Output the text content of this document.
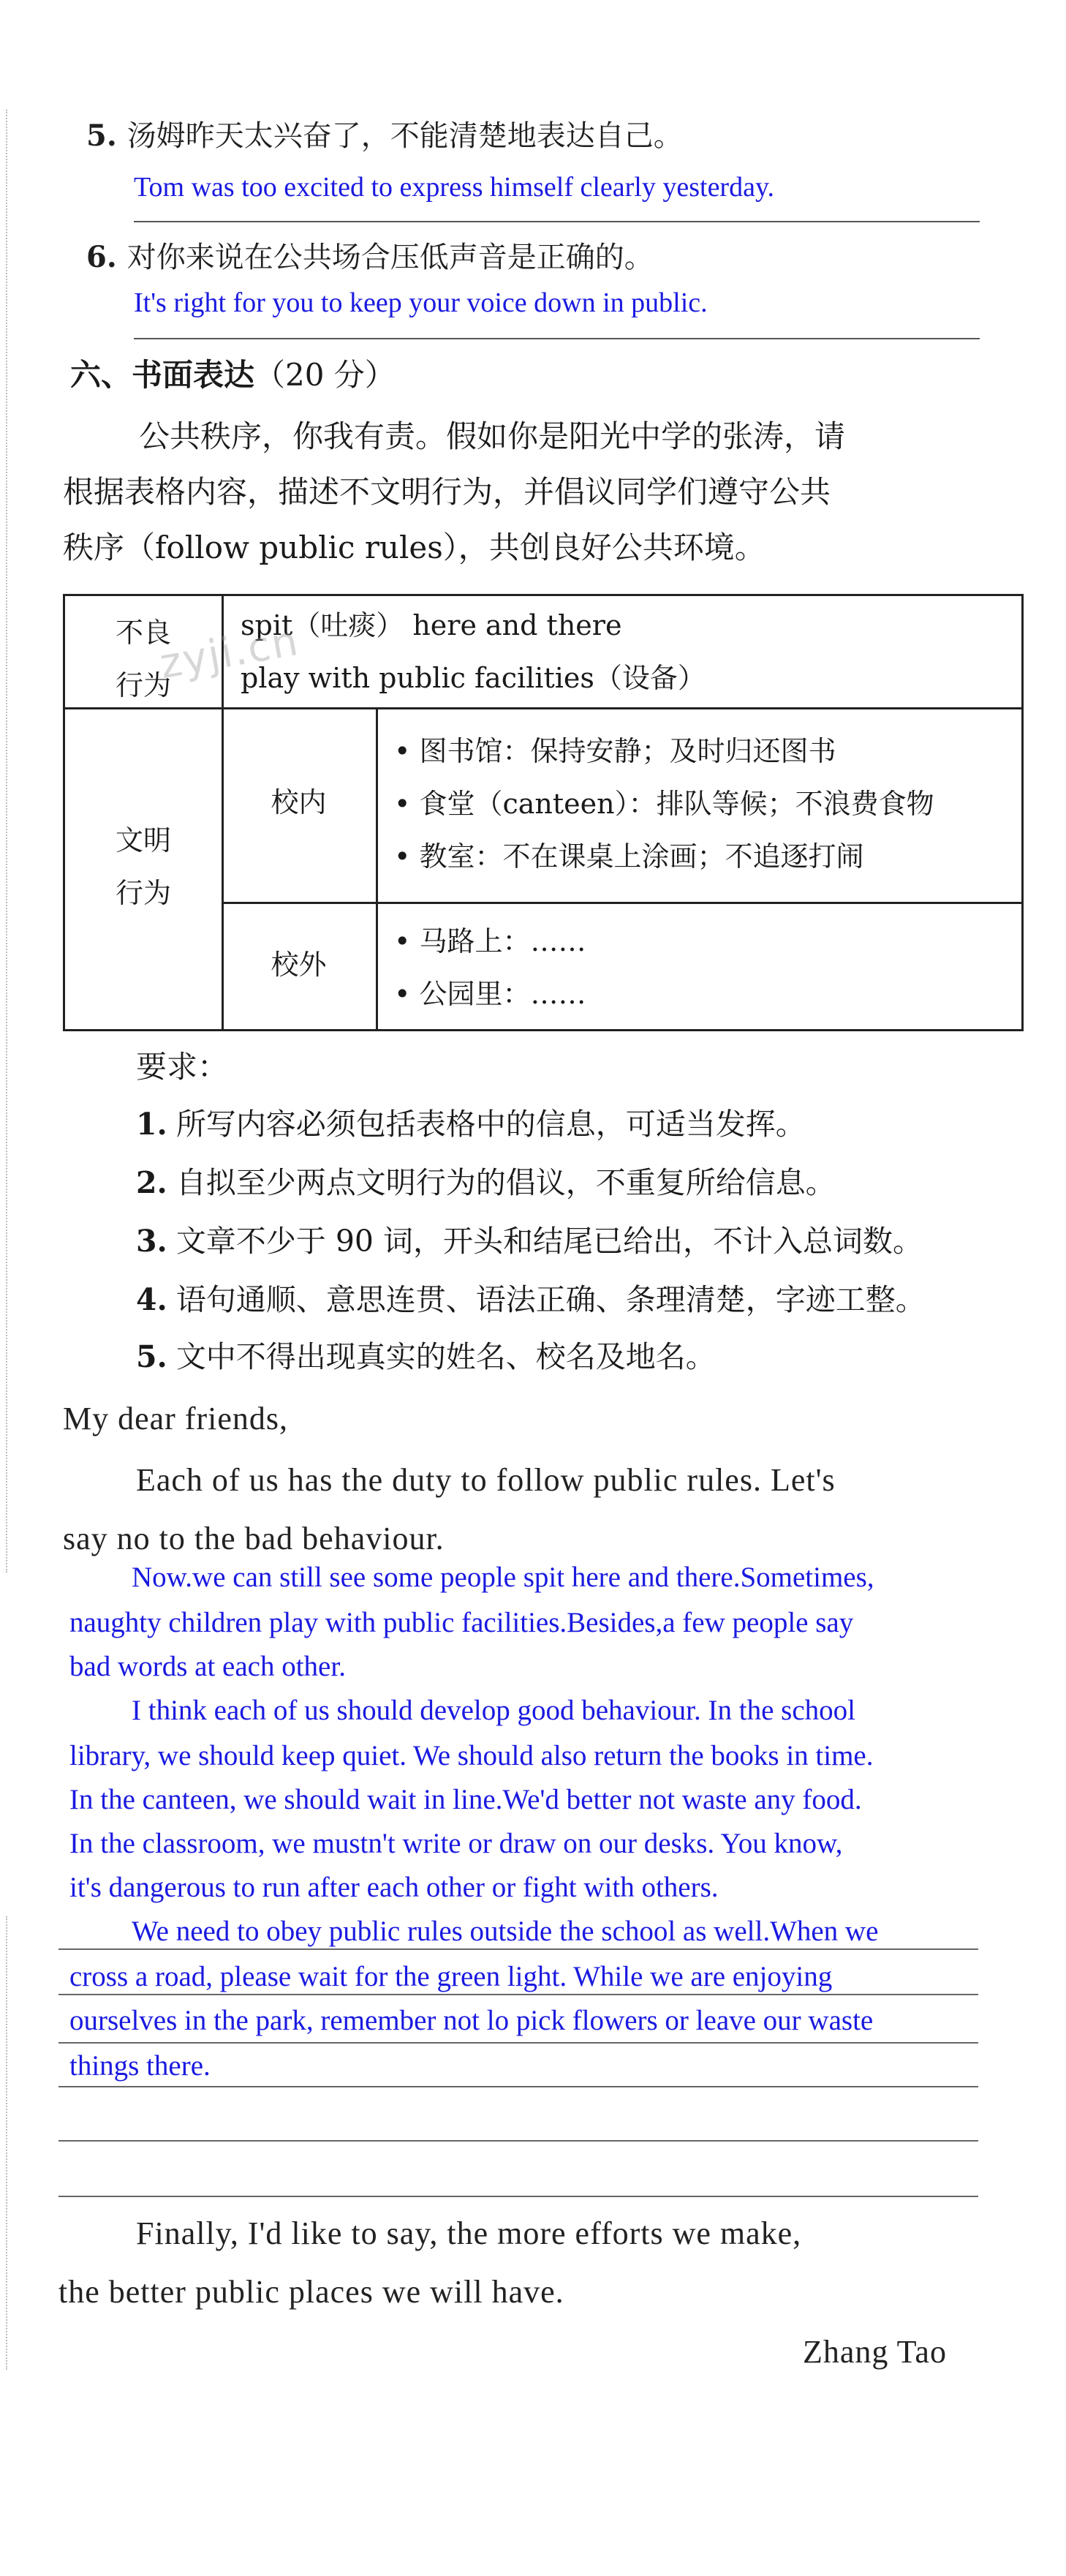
5. 汤姆昨天太兴奋了，不能清楚地表达自己。
Tom was too excited to express himself clearly yesterday.
6. 对你来说在公共场合压低声音是正确的。
It's right for you to keep your voice down in public.
六、书面表达（20 分）
公共秩序，你我有责。假如你是阳光中学的张涛，请
根据表格内容，描述不文明行为，并倡议同学们遵守公共
秩序（follow public rules），共创良好公共环境。
不良
行为
spit（吐痰） here and there
play with public facilities（设备）
文明
行为
校内
• 图书馆：保持安静；及时归还图书
• 食堂（canteen）：排队等候；不浪费食物
• 教室：不在课桌上涂画；不追逐打闹
校外
• 马路上：……
• 公园里：……
zyji.cn
要求：
1. 所写内容必须包括表格中的信息，可适当发挥。
2. 自拟至少两点文明行为的倡议，不重复所给信息。
3. 文章不少于 90 词，开头和结尾已给出，不计入总词数。
4. 语句通顺、意思连贯、语法正确、条理清楚，字迹工整。
5. 文中不得出现真实的姓名、校名及地名。
My dear friends,
Each of us has the duty to follow public rules. Let's
say no to the bad behaviour.
Now.we can still see some people spit here and there.Sometimes,
naughty children play with public facilities.Besides,a few people say
bad words at each other.
I think each of us should develop good behaviour. In the school
library, we should keep quiet. We should also return the books in time.
In the canteen, we should wait in line.We'd better not waste any food.
In the classroom, we mustn't write or draw on our desks. You know,
it's dangerous to run after each other or fight with others.
We need to obey public rules outside the school as well.When we
cross a road, please wait for the green light. While we are enjoying
ourselves in the park, remember not lo pick flowers or leave our waste
things there.
Finally, I'd like to say, the more efforts we make,
the better public places we will have.
Zhang Tao
